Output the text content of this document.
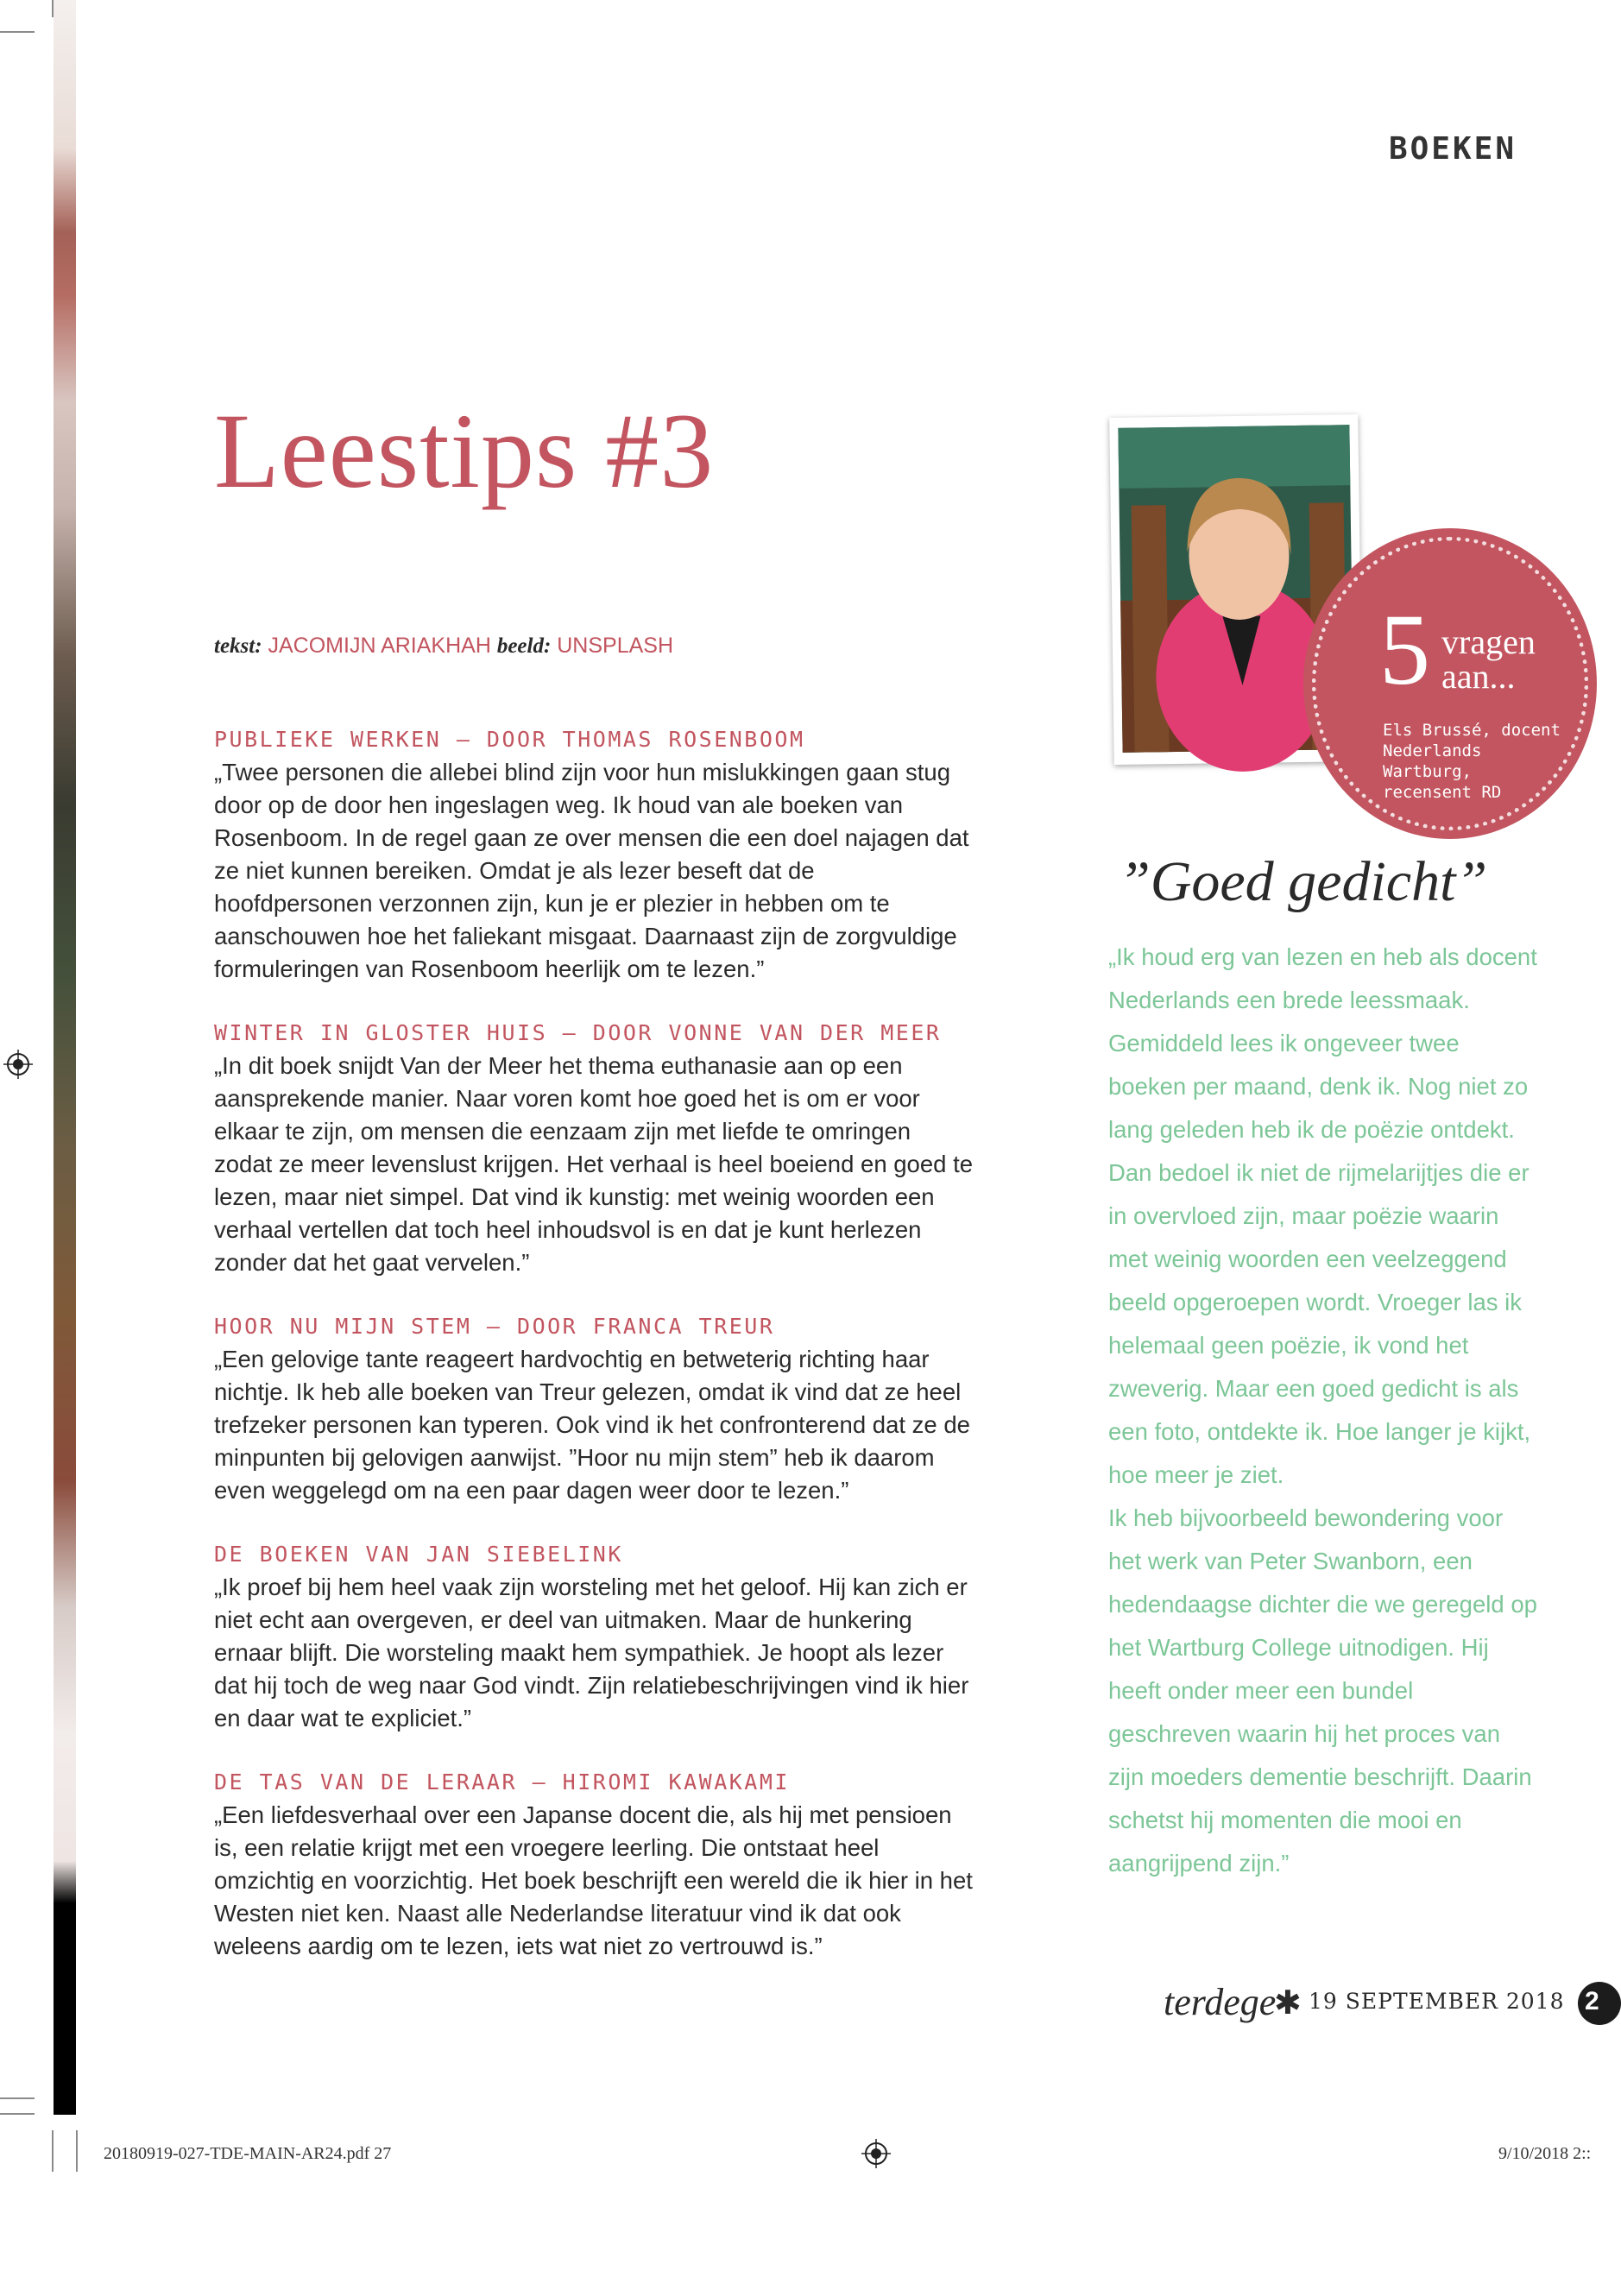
BOEKEN
Leestips #3
tekst: JACOMIJN ARIAKHAH beeld: UNSPLASH

PUBLIEKE WERKEN — DOOR THOMAS ROSENBOOM

„Twee personen die allebei blind zijn voor hun mislukkingen gaan stug door op de door hen ingeslagen weg. Ik houd van ale boeken van Rosenboom. In de regel gaan ze over mensen die een doel najagen dat ze niet kunnen bereiken. Omdat je als lezer beseft dat de hoofdpersonen verzonnen zijn, kun je er plezier in hebben om te aanschouwen hoe het faliekant misgaat. Daarnaast zijn de zorgvuldige formuleringen van Rosenboom heerlijk om te lezen.”

WINTER IN GLOSTER HUIS — DOOR VONNE VAN DER MEER

„In dit boek snijdt Van der Meer het thema euthanasie aan op een aansprekende manier. Naar voren komt hoe goed het is om er voor elkaar te zijn, om mensen die eenzaam zijn met liefde te omringen zodat ze meer levenslust krijgen. Het verhaal is heel boeiend en goed te lezen, maar niet simpel. Dat vind ik kunstig: met weinig woorden een verhaal vertellen dat toch heel inhoudsvol is en dat je kunt herlezen zonder dat het gaat vervelen.”

HOOR NU MIJN STEM — DOOR FRANCA TREUR

„Een gelovige tante reageert hardvochtig en betweterig richting haar nichtje. Ik heb alle boeken van Treur gelezen, omdat ik vind dat ze heel trefzeker personen kan typeren. Ook vind ik het confronterend dat ze de minpunten bij gelovigen aanwijst. ”Hoor nu mijn stem” heb ik daarom even weggelegd om na een paar dagen weer door te lezen.”

DE BOEKEN VAN JAN SIEBELINK

„Ik proef bij hem heel vaak zijn worsteling met het geloof. Hij kan zich er niet echt aan overgeven, er deel van uitmaken. Maar de hunkering ernaar blijft. Die worsteling maakt hem sympathiek. Je hoopt als lezer dat hij toch de weg naar God vindt. Zijn relatiebeschrijvingen vind ik hier en daar wat te expliciet.”

DE TAS VAN DE LERAAR — HIROMI KAWAKAMI

„Een liefdesverhaal over een Japanse docent die, als hij met pensioen is, een relatie krijgt met een vroegere leerling. Die ontstaat heel omzichtig en voorzichtig. Het boek beschrijft een wereld die ik hier in het Westen niet ken. Naast alle Nederlandse literatuur vind ik dat ook weleens aardig om te lezen, iets wat niet zo vertrouwd is.”

5 vragen
aan...
Els Brussé, docent Nederlands Wartburg, recensent RD
”Goed gedicht”

„Ik houd erg van lezen en heb als docent Nederlands een brede leessmaak. Gemiddeld lees ik ongeveer twee boeken per maand, denk ik. Nog niet zo lang geleden heb ik de poëzie ontdekt. Dan bedoel ik niet de rijmelarijtjes die er in overvloed zijn, maar poëzie waarin met weinig woorden een veelzeggend beeld opgeroepen wordt. Vroeger las ik helemaal geen poëzie, ik vond het zweverig. Maar een goed gedicht is als een foto, ontdekte ik. Hoe langer je kijkt, hoe meer je ziet.

Ik heb bijvoorbeeld bewondering voor het werk van Peter Swanborn, een hedendaagse dichter die we geregeld op het Wartburg College uitnodigen. Hij heeft onder meer een bundel geschreven waarin hij het proces van zijn moeders dementie beschrijft. Daarin schetst hij momenten die mooi en aangrijpend zijn.”

terdege
✱ 19 SEPTEMBER 2018 2
20180919-027-TDE-MAIN-AR24.pdf 27	9/10/2018 2::
